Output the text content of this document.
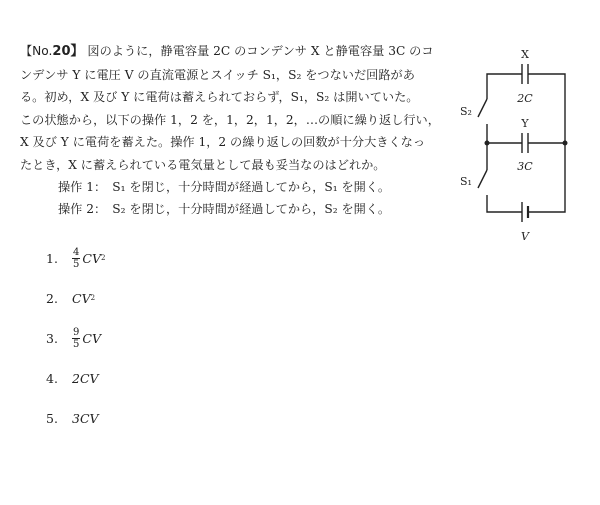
【No.20】 図のように，静電容量 2C のコンデンサ X と静電容量 3C のコ

ンデンサ Y に電圧 V の直流電源とスイッチ S₁，S₂ をつないだ回路があ

る。初め，X 及び Y に電荷は蓄えられておらず，S₁，S₂ は開いていた。

この状態から，以下の操作 1，2 を，1，2，1，2，…の順に繰り返し行い，

X 及び Y に電荷を蓄えた。操作 1，2 の繰り返しの回数が十分大きくなっ

たとき，X に蓄えられている電気量として最も妥当なのはどれか。

操作 1：　S₁ を閉じ，十分時間が経過してから，S₁ を開く。
操作 2：　S₂ を閉じ，十分時間が経過してから，S₂ を開く。
1.	$\frac{4}{5}$ CV 2
2.	CV 2
3.	$\frac{9}{5}$ CV
4.	2CV
5.	3CV
X
2C
Y
3C
S₂
S₁
V
